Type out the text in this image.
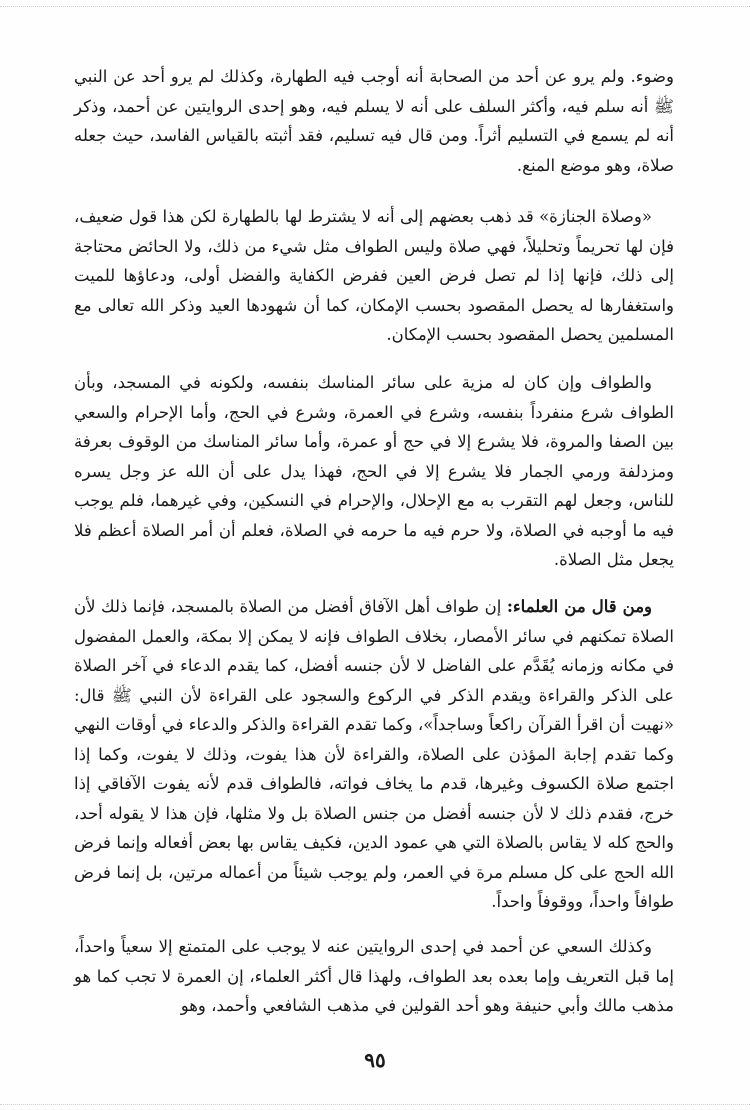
وضوء. ولم يرو عن أحد من الصحابة أنه أوجب فيه الطهارة، وكذلك لم يرو أحد عن النبي ﷺ أنه سلم فيه، وأكثر السلف على أنه لا يسلم فيه، وهو إحدى الروايتين عن أحمد، وذكر أنه لم يسمع في التسليم أثراً. ومن قال فيه تسليم، فقد أثبته بالقياس الفاسد، حيث جعله صلاة، وهو موضع المنع.

«وصلاة الجنازة» قد ذهب بعضهم إلى أنه لا يشترط لها بالطهارة لكن هذا قول ضعيف، فإن لها تحريماً وتحليلاً، فهي صلاة وليس الطواف مثل شيء من ذلك، ولا الحائض محتاجة إلى ذلك، فإنها إذا لم تصل فرض العين ففرض الكفاية والفضل أولى، ودعاؤها للميت واستغفارها له يحصل المقصود بحسب الإمكان، كما أن شهودها العيد وذكر الله تعالى مع المسلمين يحصل المقصود بحسب الإمكان.

والطواف وإن كان له مزية على سائر المناسك بنفسه، ولكونه في المسجد، وبأن الطواف شرع منفرداً بنفسه، وشرع في العمرة، وشرع في الحج، وأما الإحرام والسعي بين الصفا والمروة، فلا يشرع إلا في حج أو عمرة، وأما سائر المناسك من الوقوف بعرفة ومزدلفة ورمي الجمار فلا يشرع إلا في الحج، فهذا يدل على أن الله عز وجل يسره للناس، وجعل لهم التقرب به مع الإحلال، والإحرام في النسكين، وفي غيرهما، فلم يوجب فيه ما أوجبه في الصلاة، ولا حرم فيه ما حرمه في الصلاة، فعلم أن أمر الصلاة أعظم فلا يجعل مثل الصلاة.

ومن قال من العلماء: إن طواف أهل الآفاق أفضل من الصلاة بالمسجد، فإنما ذلك لأن الصلاة تمكنهم في سائر الأمصار، بخلاف الطواف فإنه لا يمكن إلا بمكة، والعمل المفضول في مكانه وزمانه يُقَدَّم على الفاضل لا لأن جنسه أفضل، كما يقدم الدعاء في آخر الصلاة على الذكر والقراءة ويقدم الذكر في الركوع والسجود على القراءة لأن النبي ﷺ قال: «نهيت أن اقرأ القرآن راكعاً وساجداً»، وكما تقدم القراءة والذكر والدعاء في أوقات النهي وكما تقدم إجابة المؤذن على الصلاة، والقراءة لأن هذا يفوت، وذلك لا يفوت، وكما إذا اجتمع صلاة الكسوف وغيرها، قدم ما يخاف فواته، فالطواف قدم لأنه يفوت الآفاقي إذا خرج، فقدم ذلك لا لأن جنسه أفضل من جنس الصلاة بل ولا مثلها، فإن هذا لا يقوله أحد، والحج كله لا يقاس بالصلاة التي هي عمود الدين، فكيف يقاس بها بعض أفعاله وإنما فرض الله الحج على كل مسلم مرة في العمر، ولم يوجب شيئاً من أعماله مرتين، بل إنما فرض طوافاً واحداً، ووقوفاً واحداً.

وكذلك السعي عن أحمد في إحدى الروايتين عنه لا يوجب على المتمتع إلا سعياً واحداً، إما قبل التعريف وإما بعده بعد الطواف، ولهذا قال أكثر العلماء، إن العمرة لا تجب كما هو مذهب مالك وأبي حنيفة وهو أحد القولين في مذهب الشافعي وأحمد، وهو

٩٥
